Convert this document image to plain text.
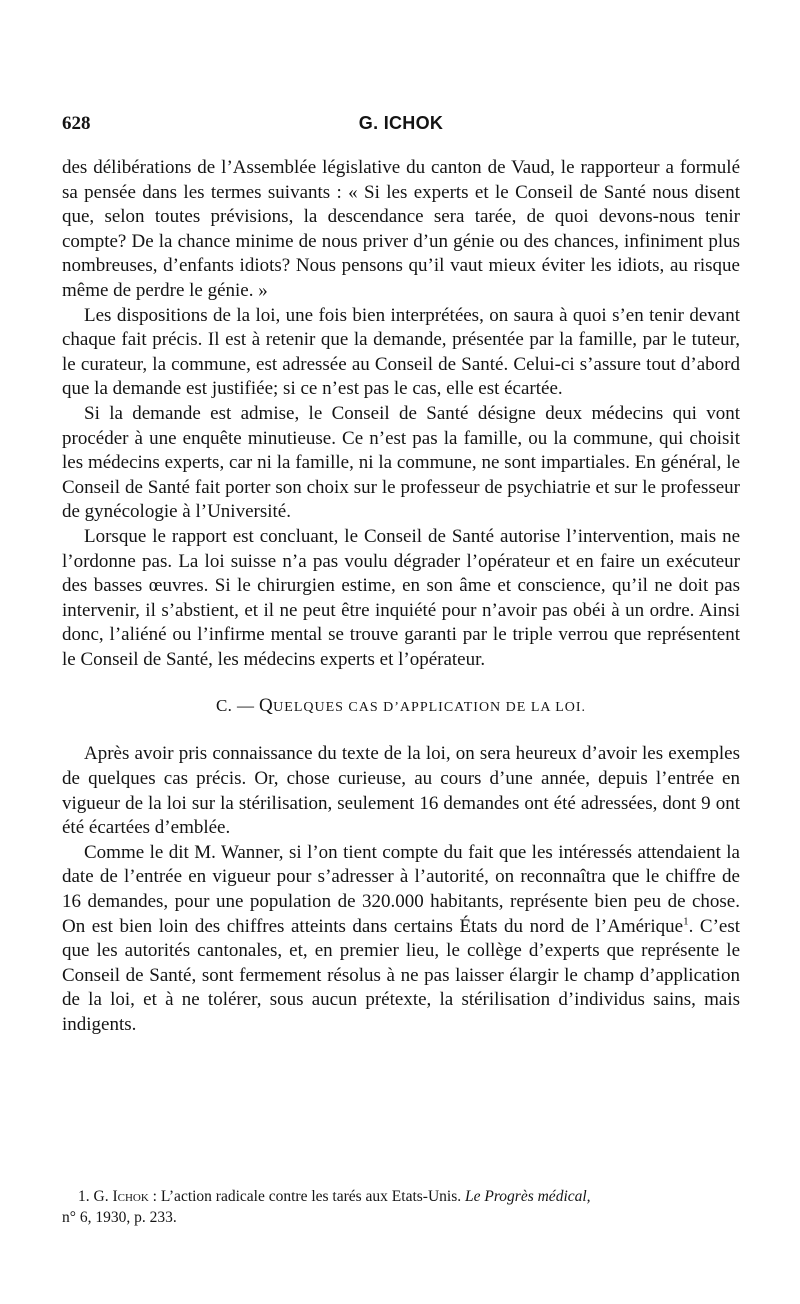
628	G. ICHOK

des délibérations de l’Assemblée législative du canton de Vaud, le rapporteur a formulé sa pensée dans les termes suivants : « Si les experts et le Conseil de Santé nous disent que, selon toutes prévisions, la descendance sera tarée, de quoi devons-nous tenir compte? De la chance minime de nous priver d’un génie ou des chances, infiniment plus nombreuses, d’enfants idiots? Nous pensons qu’il vaut mieux éviter les idiots, au risque même de perdre le génie. »

Les dispositions de la loi, une fois bien interprétées, on saura à quoi s’en tenir devant chaque fait précis. Il est à retenir que la demande, présentée par la famille, par le tuteur, le curateur, la commune, est adressée au Conseil de Santé. Celui-ci s’assure tout d’abord que la demande est justifiée; si ce n’est pas le cas, elle est écartée.

Si la demande est admise, le Conseil de Santé désigne deux médecins qui vont procéder à une enquête minutieuse. Ce n’est pas la famille, ou la commune, qui choisit les médecins experts, car ni la famille, ni la commune, ne sont impartiales. En général, le Conseil de Santé fait porter son choix sur le professeur de psychiatrie et sur le professeur de gynécologie à l’Université.

Lorsque le rapport est concluant, le Conseil de Santé autorise l’intervention, mais ne l’ordonne pas. La loi suisse n’a pas voulu dégrader l’opérateur et en faire un exécuteur des basses œuvres. Si le chirurgien estime, en son âme et conscience, qu’il ne doit pas intervenir, il s’abstient, et il ne peut être inquiété pour n’avoir pas obéi à un ordre. Ainsi donc, l’aliéné ou l’infirme mental se trouve garanti par le triple verrou que représentent le Conseil de Santé, les médecins experts et l’opérateur.

C. — QUELQUES CAS D’APPLICATION DE LA LOI.

Après avoir pris connaissance du texte de la loi, on sera heureux d’avoir les exemples de quelques cas précis. Or, chose curieuse, au cours d’une année, depuis l’entrée en vigueur de la loi sur la stérilisation, seulement 16 demandes ont été adressées, dont 9 ont été écartées d’emblée.

Comme le dit M. Wanner, si l’on tient compte du fait que les intéressés attendaient la date de l’entrée en vigueur pour s’adresser à l’autorité, on reconnaîtra que le chiffre de 16 demandes, pour une population de 320.000 habitants, représente bien peu de chose. On est bien loin des chiffres atteints dans certains États du nord de l’Amérique$^1$. C’est que les autorités cantonales, et, en premier lieu, le collège d’experts que représente le Conseil de Santé, sont fermement résolus à ne pas laisser élargir le champ d’application de la loi, et à ne tolérer, sous aucun prétexte, la stérilisation d’individus sains, mais indigents.

1. G. Ichok : L’action radicale contre les tarés aux Etats-Unis. Le Progrès médical,
n° 6, 1930, p. 233.
